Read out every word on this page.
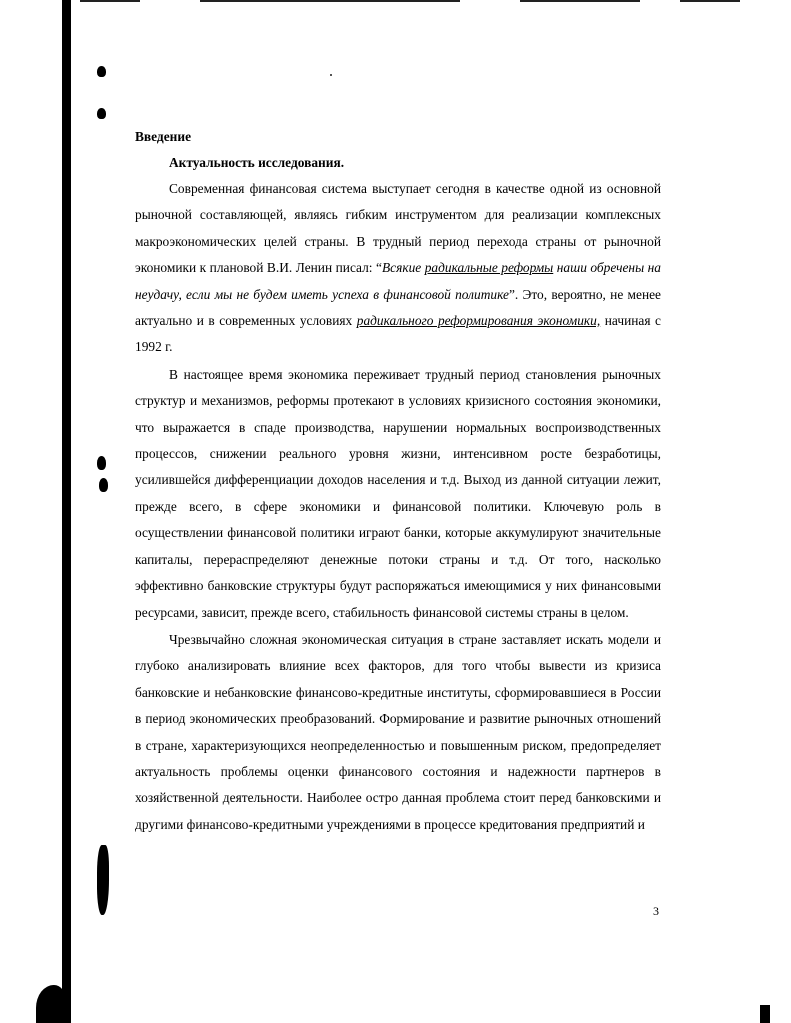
Введение
Актуальность исследования.

Современная финансовая система выступает сегодня в качестве одной из основной рыночной составляющей, являясь гибким инструментом для реализации комплексных макроэкономических целей страны. В трудный период перехода страны от рыночной экономики к плановой В.И. Ленин писал: “Всякие радикальные реформы наши обречены на неудачу, если мы не будем иметь успеха в финансовой политике”. Это, вероятно, не менее актуально и в современных условиях радикального реформирования экономики, начиная с 1992 г.

В настоящее время экономика переживает трудный период становления рыночных структур и механизмов, реформы протекают в условиях кризисного состояния экономики, что выражается в спаде производства, нарушении нормальных воспроизводственных процессов, снижении реального уровня жизни, интенсивном росте безработицы, усилившейся дифференциации доходов населения и т.д. Выход из данной ситуации лежит, прежде всего, в сфере экономики и финансовой политики. Ключевую роль в осуществлении финансовой политики играют банки, которые аккумулируют значительные капиталы, перераспределяют денежные потоки страны и т.д. От того, насколько эффективно банковские структуры будут распоряжаться имеющимися у них финансовыми ресурсами, зависит, прежде всего, стабильность финансовой системы страны в целом.

Чрезвычайно сложная экономическая ситуация в стране заставляет искать модели и глубоко анализировать влияние всех факторов, для того чтобы вывести из кризиса банковские и небанковские финансово-кредитные институты, сформировавшиеся в России в период экономических преобразований. Формирование и развитие рыночных отношений в стране, характеризующихся неопределенностью и повышенным риском, предопределяет актуальность проблемы оценки финансового состояния и надежности партнеров в хозяйственной деятельности. Наиболее остро данная проблема стоит перед банковскими и другими финансово-кредитными учреждениями в процессе кредитования предприятий и

3
